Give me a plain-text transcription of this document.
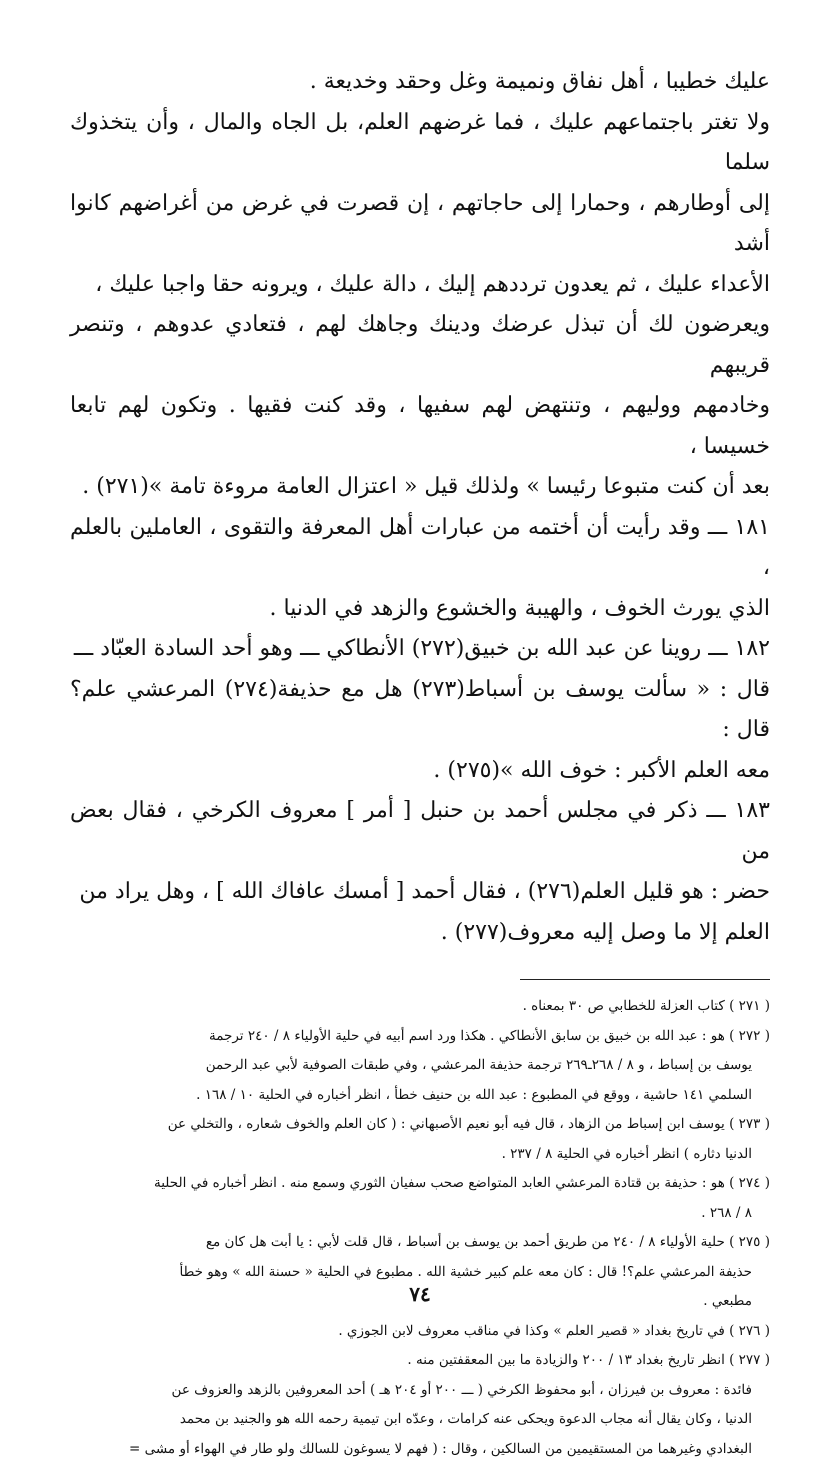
عليك خطيبا ، أهل نفاق ونميمة وغل وحقد وخديعة .

ولا تغتر باجتماعهم عليك ، فما غرضهم العلم، بل الجاه والمال ، وأن يتخذوك سلما

إلى أوطارهم ، وحمارا إلى حاجاتهم ، إن قصرت في غرض من أغراضهم كانوا أشد

الأعداء عليك ، ثم يعدون ترددهم إليك ، دالة عليك ، ويرونه حقا واجبا عليك ،

ويعرضون لك أن تبذل عرضك ودينك وجاهك لهم ، فتعادي عدوهم ، وتنصر قريبهم

وخادمهم ووليهم ، وتنتهض لهم سفيها ، وقد كنت فقيها . وتكون لهم تابعا خسيسا ،

بعد أن كنت متبوعا رئيسا » ولذلك قيل « اعتزال العامة مروءة تامة »(٢٧١) .

١٨١ ـــ وقد رأيت أن أختمه من عبارات أهل المعرفة والتقوى ، العاملين بالعلم ،

الذي يورث الخوف ، والهيبة والخشوع والزهد في الدنيا .

١٨٢ ـــ روينا عن عبد الله بن خبيق(٢٧٢) الأنطاكي ـــ وهو أحد السادة العبّاد ـــ

قال : « سألت يوسف بن أسباط(٢٧٣) هل مع حذيفة(٢٧٤) المرعشي علم؟ قال :

معه العلم الأكبر : خوف الله »(٢٧٥) .

١٨٣ ـــ ذكر في مجلس أحمد بن حنبل [ أمر ] معروف الكرخي ، فقال بعض من

حضر : هو قليل العلم(٢٧٦) ، فقال أحمد [ أمسك عافاك الله ] ، وهل يراد من

العلم إلا ما وصل إليه معروف(٢٧٧) .

( ٢٧١ ) كتاب العزلة للخطابي ص ٣٠ بمعناه .

( ٢٧٢ ) هو : عبد الله بن خبيق بن سابق الأنطاكي . هكذا ورد اسم أبيه في حلية الأولياء ٨ / ٢٤٠ ترجمة

يوسف بن إسباط ، و ٨ / ٢٦٨ـ٢٦٩ ترجمة حذيفة المرعشي ، وفي طبقات الصوفية لأبي عبد الرحمن

السلمي ١٤١ حاشية ، ووقع في المطبوع : عبد الله بن حنيف خطأ ، انظر أخباره في الحلية ١٠ / ١٦٨ .

( ٢٧٣ ) يوسف ابن إسباط من الزهاد ، قال فيه أبو نعيم الأصبهاني : ( كان العلم والخوف شعاره ، والتخلي عن

الدنيا دثاره ) انظر أخباره في الحلية ٨ / ٢٣٧ .

( ٢٧٤ ) هو : حذيفة بن قتادة المرعشي العابد المتواضع صحب سفيان الثوري وسمع منه . انظر أخباره في الحلية

٨ / ٢٦٨ .

( ٢٧٥ ) حلية الأولياء ٨ / ٢٤٠ من طريق أحمد بن يوسف بن أسباط ، قال قلت لأبي : يا أبت هل كان مع

حذيفة المرعشي علم؟! قال : كان معه علم كبير خشية الله . مطبوع في الحلية « حسنة الله » وهو خطأ

مطبعي .

( ٢٧٦ ) في تاريخ بغداد « قصير العلم » وكذا في مناقب معروف لابن الجوزي .

( ٢٧٧ ) انظر تاريخ بغداد ١٣ / ٢٠٠ والزيادة ما بين المعقفتين منه .

فائدة : معروف بن فيرزان ، أبو محفوظ الكرخي ( ـــ ٢٠٠ أو ٢٠٤ هـ ) أحد المعروفين بالزهد والعزوف عن

الدنيا ، وكان يقال أنه مجاب الدعوة ويحكى عنه كرامات ، وعدّه ابن تيمية رحمه الله هو والجنيد بن محمد

البغدادي وغيرهما من المستقيمين من السالكين ، وقال : ( فهم لا يسوغون للسالك ولو طار في الهواء أو مشى =

٧٤
